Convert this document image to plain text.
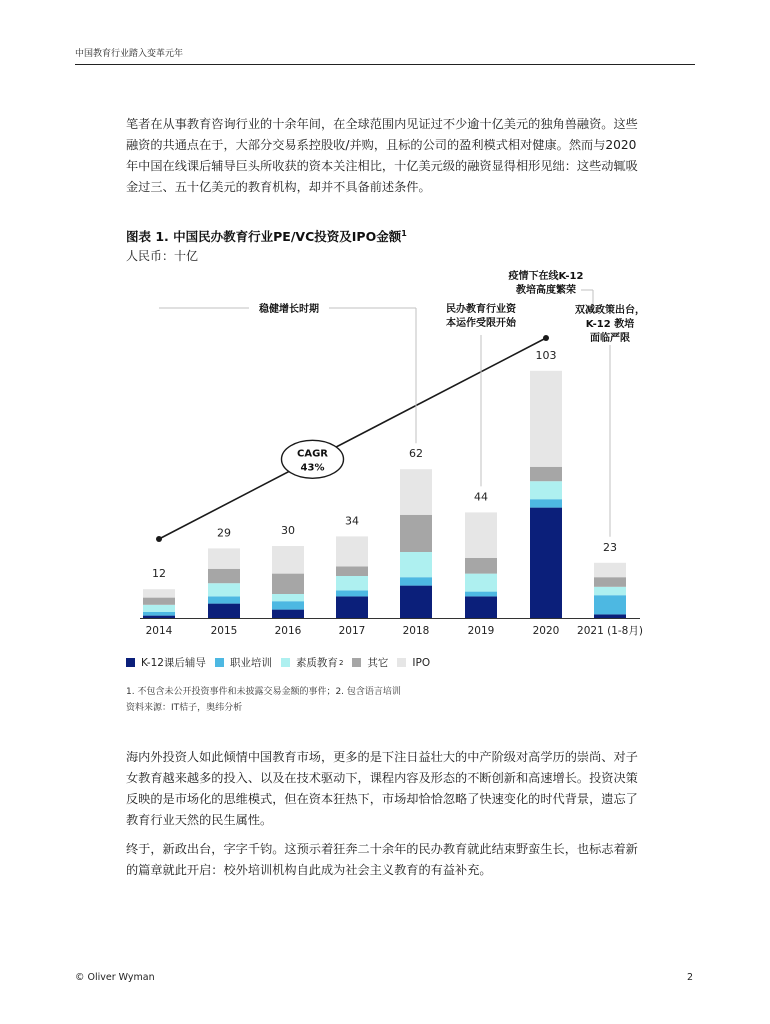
中国教育行业踏入变革元年

笔者在从事教育咨询行业的十余年间，在全球范围内见证过不少逾十亿美元的独角兽融资。这些融资的共通点在于，大部分交易系控股收/并购，且标的公司的盈利模式相对健康。然而与2020年中国在线课后辅导巨头所收获的资本关注相比，十亿美元级的融资显得相形见绌：这些动辄吸金过三、五十亿美元的教育机构，却并不具备前述条件。

图表 1. 中国民办教育行业PE/VC投资及IPO金额$^1$
人民币：十亿
12
2014
29
2015
30
2016
34
2017
62
2018
44
2019
103
2020
23
2021 (1-8月)
CAGR
43%
稳健增长时期	民办教育行业资
本运作受限开始
疫情下在线K-12
教培高度繁荣
双减政策出台，
K-12 教培
面临严限
K-12课后辅导 职业培训 素质教育 2 其它 IPO
1. 不包含未公开投资事件和未披露交易金额的事件；2. 包含语言培训
资料来源：IT桔子，奥纬分析

海内外投资人如此倾情中国教育市场，更多的是下注日益壮大的中产阶级对高学历的崇尚、对子女教育越来越多的投入、以及在技术驱动下，课程内容及形态的不断创新和高速增长。投资决策反映的是市场化的思维模式，但在资本狂热下，市场却恰恰忽略了快速变化的时代背景，遗忘了教育行业天然的民生属性。

终于，新政出台，字字千钧。这预示着狂奔二十余年的民办教育就此结束野蛮生长，也标志着新的篇章就此开启：校外培训机构自此成为社会主义教育的有益补充。

© Oliver Wyman	2
